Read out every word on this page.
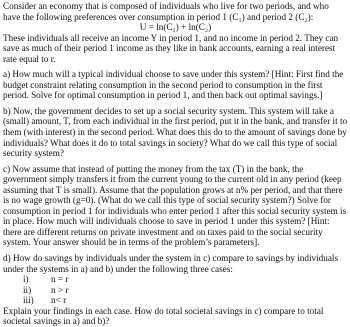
Consider an economy that is composed of individuals who live for two periods, and who have the following preferences over consumption in period 1 (C₁) and period 2 (C₂):

U = ln(C₁) + ln(C₂)

These individuals all receive an income Y in period 1, and no income in period 2. They can save as much of their period 1 income as they like in bank accounts, earning a real interest rate equal to r.

a) How much will a typical individual choose to save under this system? [Hint: First find the budget constraint relating consumption in the second period to consumption in the first period. Solve for optimal consumption in period 1, and then back out optimal savings.]

b) Now, the government decides to set up a social security system. This system will take a (small) amount, T, from each individual in the first period, put it in the bank, and transfer it to them (with interest) in the second period. What does this do to the amount of savings done by individuals? What does it do to total savings in society? What do we call this type of social security system?

c) Now assume that instead of putting the money from the tax (T) in the bank, the government simply transfers it from the current young to the current old in any period (keep assuming that T is small). Assume that the population grows at n% per period, and that there is no wage growth (g=0). (What do we call this type of social security system?) Solve for consumption in period 1 for individuals who enter period 1 after this social security system is in place. How much will individuals choose to save in period 1 under this system? [Hint: there are different returns on private investment and on taxes paid to the social security system. Your answer should be in terms of the problem’s parameters].

d) How do savings by individuals under the system in c) compare to savings by individuals under the systems in a) and b) under the following three cases:

i)	n = r
ii)	n > r
iii)	n< r

Explain your findings in each case. How do total societal savings in c) compare to total societal savings in a) and b)?
